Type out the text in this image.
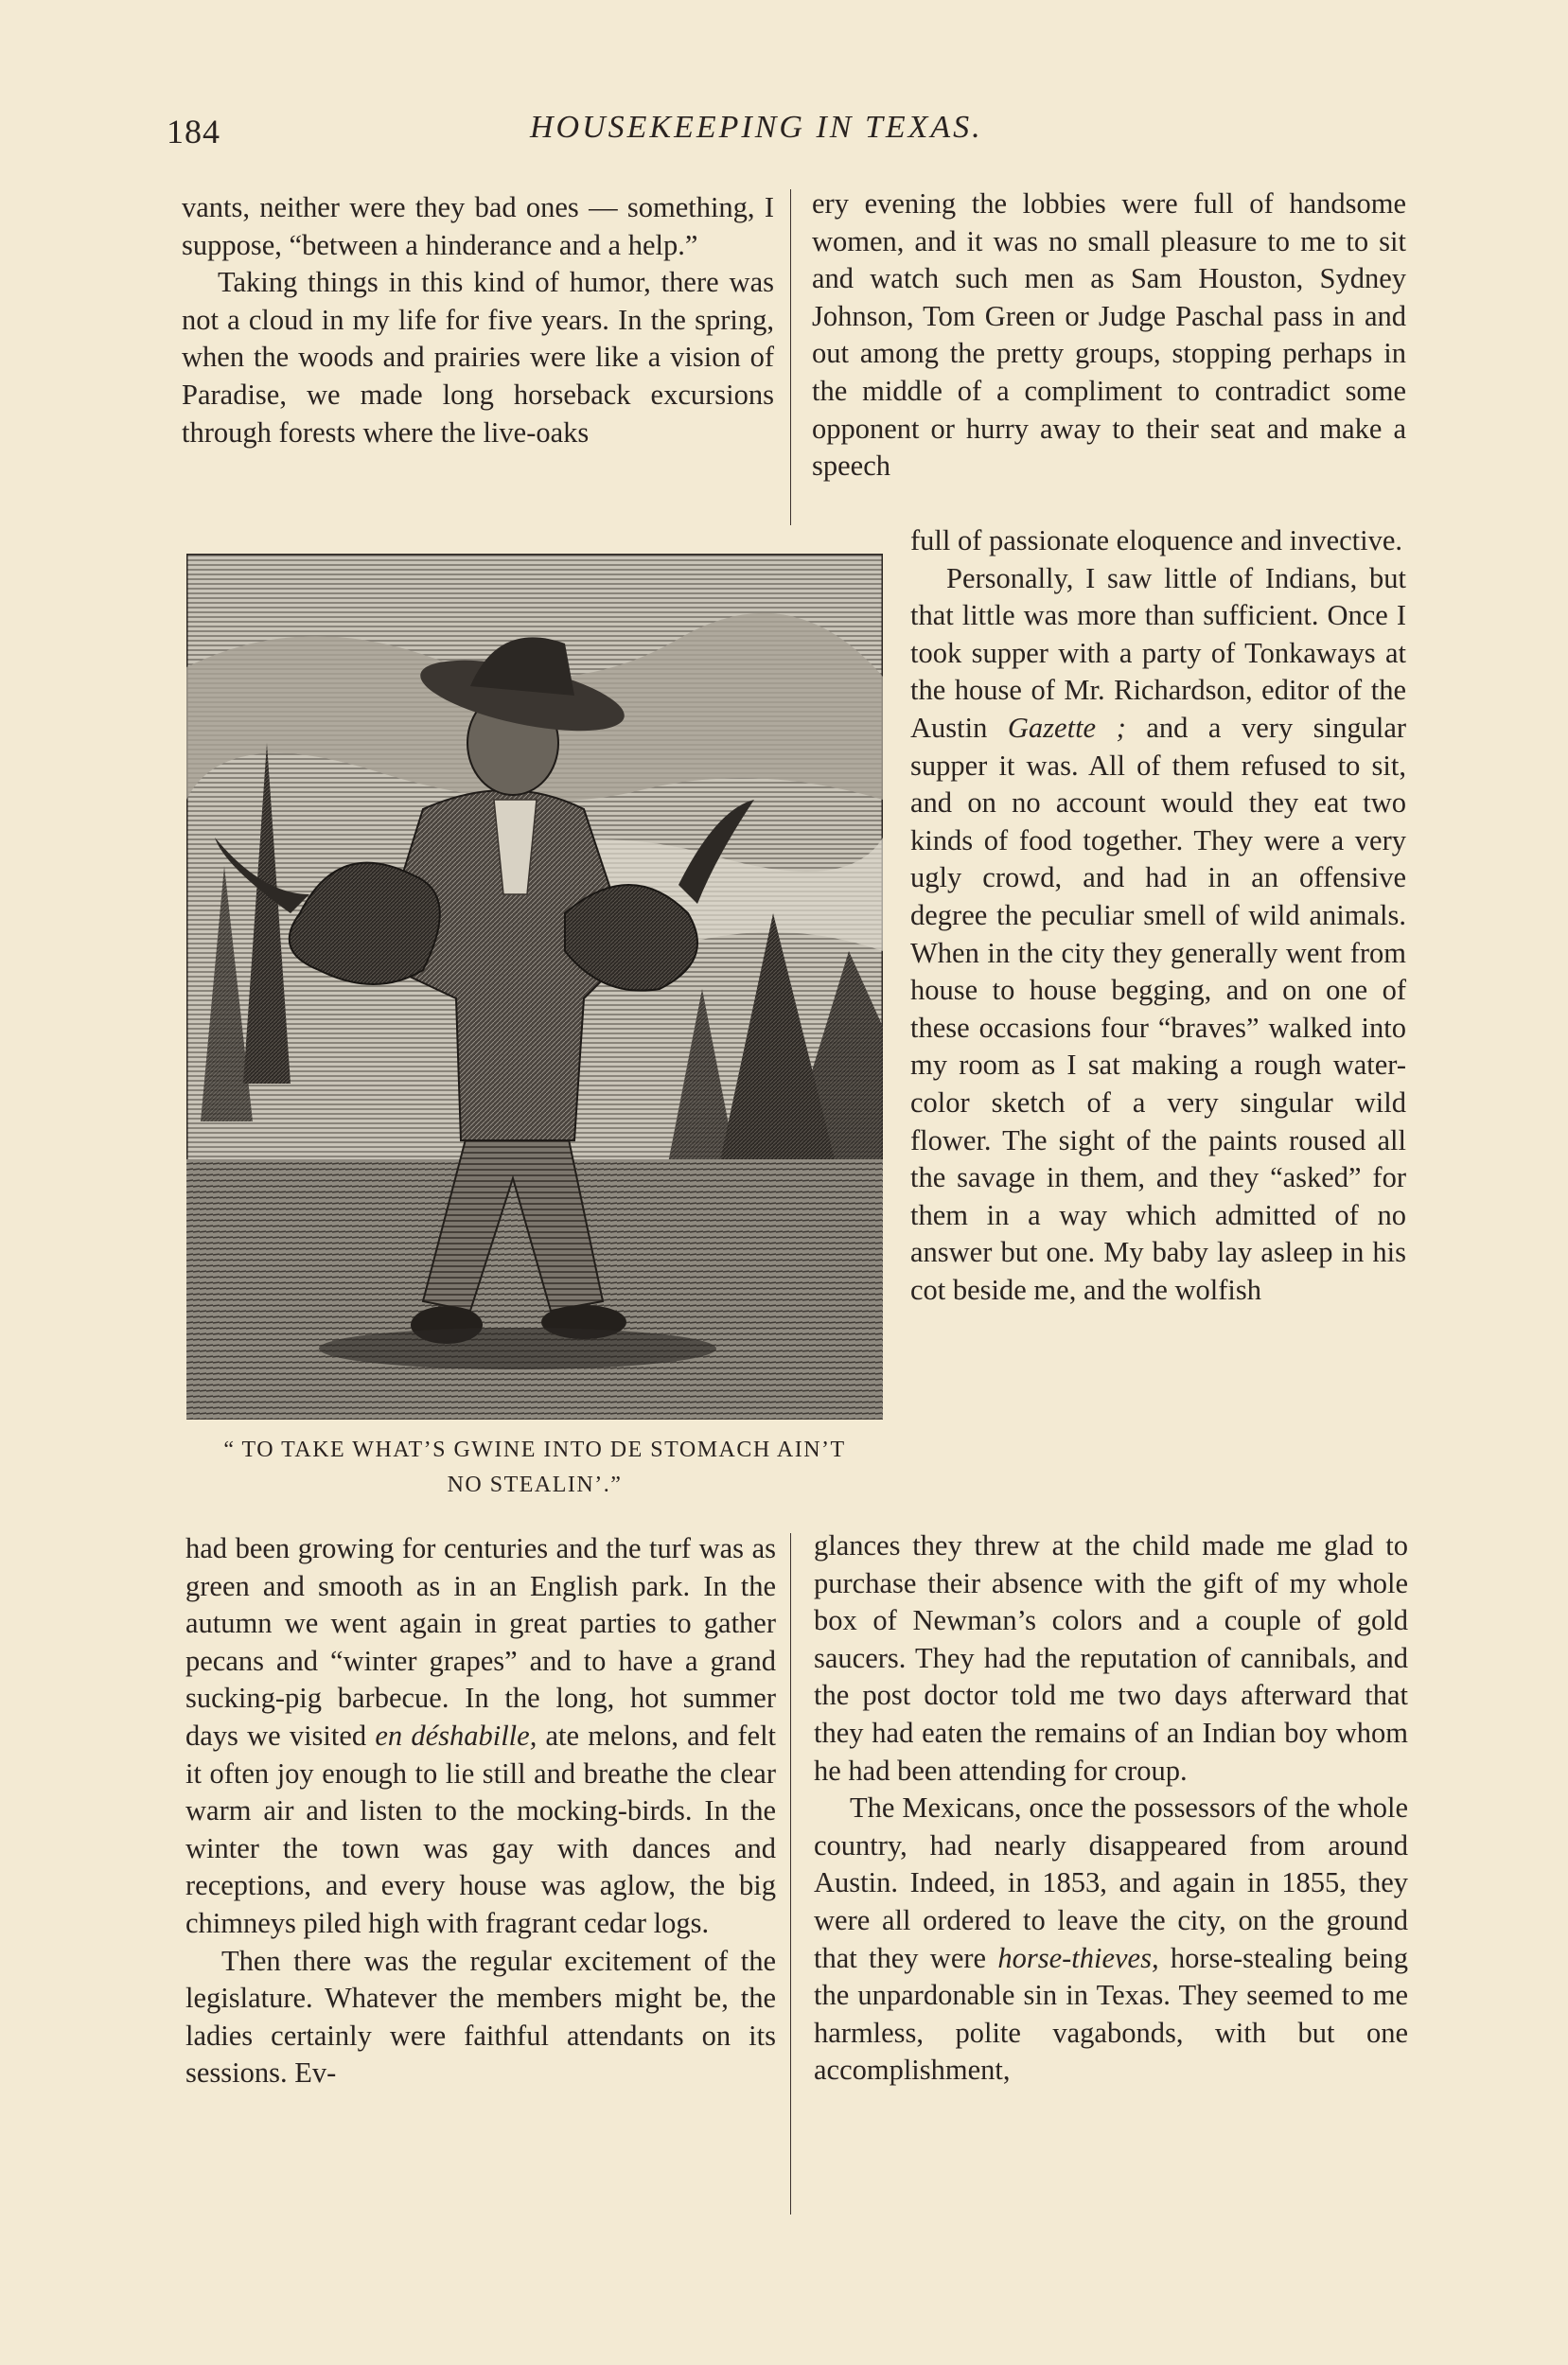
184	HOUSEKEEPING IN TEXAS.

vants, neither were they bad ones — something, I suppose, “between a hinderance and a help.”

Taking things in this kind of humor, there was not a cloud in my life for five years. In the spring, when the woods and prairies were like a vision of Paradise, we made long horseback excursions through forests where the live-oaks

ery evening the lobbies were full of handsome women, and it was no small pleasure to me to sit and watch such men as Sam Houston, Sydney Johnson, Tom Green or Judge Paschal pass in and out among the pretty groups, stopping perhaps in the middle of a compliment to contradict some opponent or hurry away to their seat and make a speech

“ TO TAKE WHAT’S GWINE INTO DE STOMACH AIN’T
NO STEALIN’.”

full of passionate eloquence and invective.

Personally, I saw little of Indians, but that little was more than sufficient. Once I took supper with a party of Tonkaways at the house of Mr. Richardson, editor of the Austin Gazette ; and a very singular supper it was. All of them refused to sit, and on no account would they eat two kinds of food together. They were a very ugly crowd, and had in an offensive degree the peculiar smell of wild animals. When in the city they generally went from house to house begging, and on one of these occasions four “braves” walked into my room as I sat making a rough water-color sketch of a very singular wild flower. The sight of the paints roused all the savage in them, and they “asked” for them in a way which admitted of no answer but one. My baby lay asleep in his cot beside me, and the wolfish

had been growing for centuries and the turf was as green and smooth as in an English park. In the autumn we went again in great parties to gather pecans and “winter grapes” and to have a grand sucking-pig barbecue. In the long, hot summer days we visited en déshabille, ate melons, and felt it often joy enough to lie still and breathe the clear warm air and listen to the mocking-birds. In the winter the town was gay with dances and receptions, and every house was aglow, the big chimneys piled high with fragrant cedar logs.

Then there was the regular excitement of the legislature. Whatever the members might be, the ladies certainly were faithful attendants on its sessions. Ev-

glances they threw at the child made me glad to purchase their absence with the gift of my whole box of Newman’s colors and a couple of gold saucers. They had the reputation of cannibals, and the post doctor told me two days afterward that they had eaten the remains of an Indian boy whom he had been attending for croup.

The Mexicans, once the possessors of the whole country, had nearly disappeared from around Austin. Indeed, in 1853, and again in 1855, they were all ordered to leave the city, on the ground that they were horse-thieves, horse-stealing being the unpardonable sin in Texas. They seemed to me harmless, polite vagabonds, with but one accomplishment,
